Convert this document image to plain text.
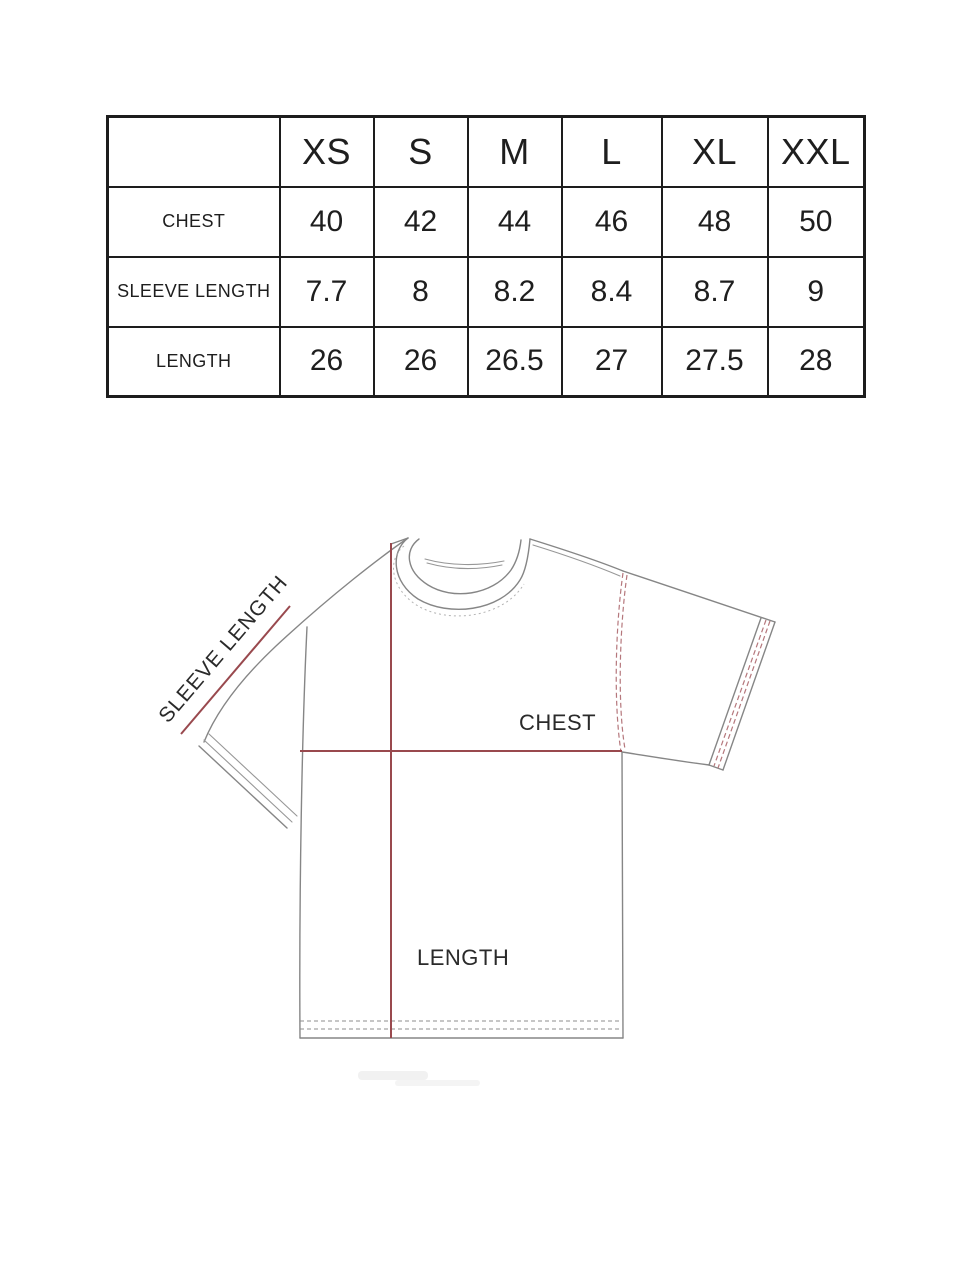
	XS	S	M	L	XL	XXL
CHEST	40	42	44	46	48	50
SLEEVE LENGTH	7.7	8	8.2	8.4	8.7	9
LENGTH	26	26	26.5	27	27.5	28
SLEEVE LENGTH	CHEST
LENGTH
